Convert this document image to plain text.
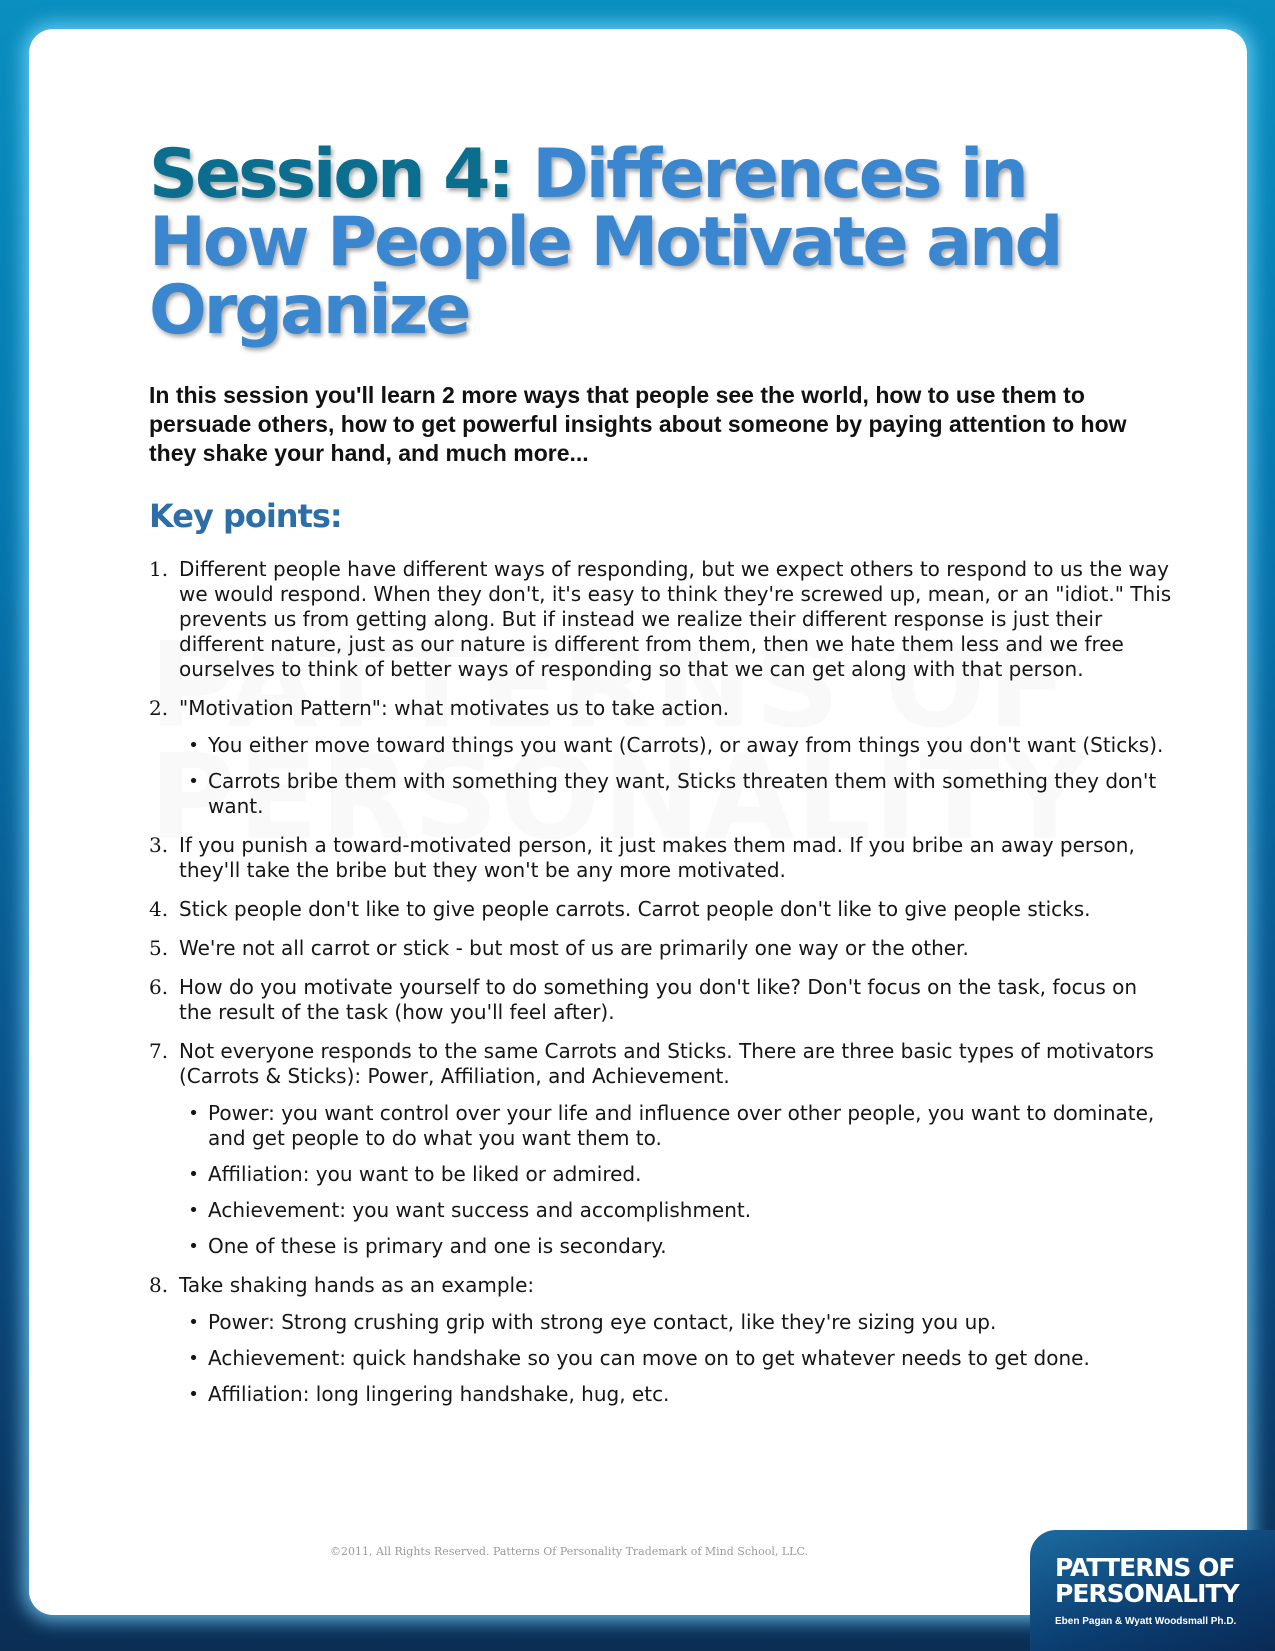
Session 4: Differences in How People Motivate and Organize

In this session you'll learn 2 more ways that people see the world, how to use them to persuade others, how to get powerful insights about someone by paying attention to how they shake your hand, and much more...

Key points:
1. Different people have different ways of responding, but we expect others to respond to us the way we would respond. When they don't, it's easy to think they're screwed up, mean, or an "idiot." This prevents us from getting along. But if instead we realize their different response is just their different nature, just as our nature is different from them, then we hate them less and we free ourselves to think of better ways of responding so that we can get along with that person.
2. "Motivation Pattern": what motivates us to take action.
• You either move toward things you want (Carrots), or away from things you don't want (Sticks).
• Carrots bribe them with something they want, Sticks threaten them with something they don't want.
3. If you punish a toward-motivated person, it just makes them mad. If you bribe an away person, they'll take the bribe but they won't be any more motivated.
4. Stick people don't like to give people carrots. Carrot people don't like to give people sticks.
5. We're not all carrot or stick - but most of us are primarily one way or the other.
6. How do you motivate yourself to do something you don't like? Don't focus on the task, focus on the result of the task (how you'll feel after).
7. Not everyone responds to the same Carrots and Sticks. There are three basic types of motivators (Carrots & Sticks): Power, Affiliation, and Achievement.
• Power: you want control over your life and influence over other people, you want to dominate, and get people to do what you want them to.
• Affiliation: you want to be liked or admired.
• Achievement: you want success and accomplishment.
• One of these is primary and one is secondary.
8. Take shaking hands as an example:
• Power: Strong crushing grip with strong eye contact, like they're sizing you up.
• Achievement: quick handshake so you can move on to get whatever needs to get done.
• Affiliation: long lingering handshake, hug, etc.
©2011, All Rights Reserved. Patterns Of Personality Trademark of Mind School, LLC.
PATTERNS OF
PERSONALITY
Eben Pagan & Wyatt Woodsmall Ph.D.
